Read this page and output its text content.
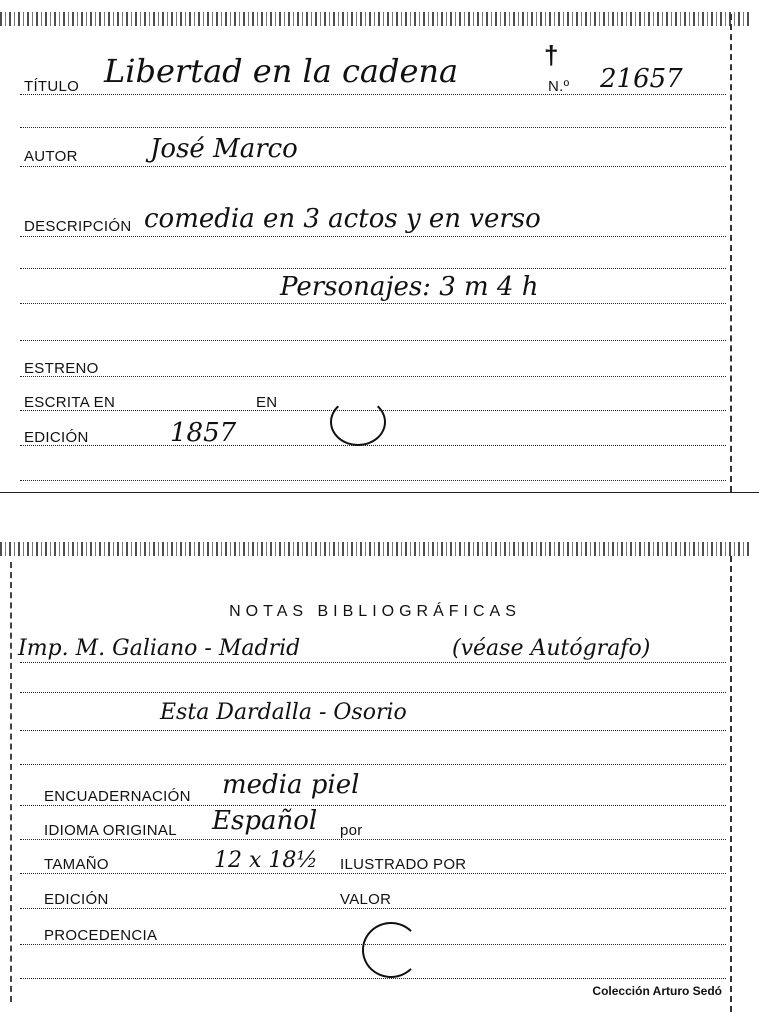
TÍTULO Libertad en la cadena	†
N.º 21657
AUTOR	José Marco
DESCRIPCIÓN comedia en 3 actos y en verso
Personajes: 3 m 4 h
ESTRENO
ESCRITA EN	EN
EDICIÓN	1857
NOTAS BIBLIOGRÁFICAS
Imp. M. Galiano - Madrid	(véase Autógrafo)
Esta Dardalla - Osorio
ENCUADERNACIÓN media piel
IDIOMA ORIGINAL Español por
TAMAÑO	12 x 18½ ILUSTRADO POR
EDICIÓN	VALOR
PROCEDENCIA
Colección Arturo Sedó
